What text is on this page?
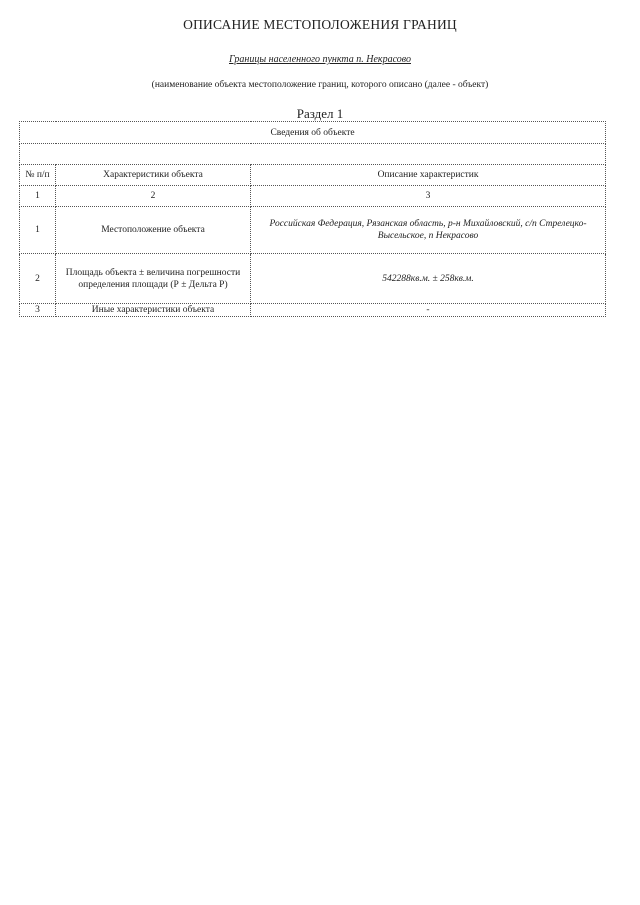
ОПИСАНИЕ МЕСТОПОЛОЖЕНИЯ ГРАНИЦ
Границы населенного пункта п. Некрасово
(наименование объекта местоположение границ, которого описано (далее - объект)
Раздел 1
Сведения об объекте		

№ п/п	Характеристики объекта	Описание характеристик
1	2	3
1	Местоположение объекта	Российская Федерация, Рязанская область, р-н Михайловский, с/п Стрелецко-Высельское, п Некрасово
2	Площадь объекта ± величина погрешности определения площади (Р ± Дельта Р)	542288кв.м. ± 258кв.м.
3	Иные характеристики объекта	-
